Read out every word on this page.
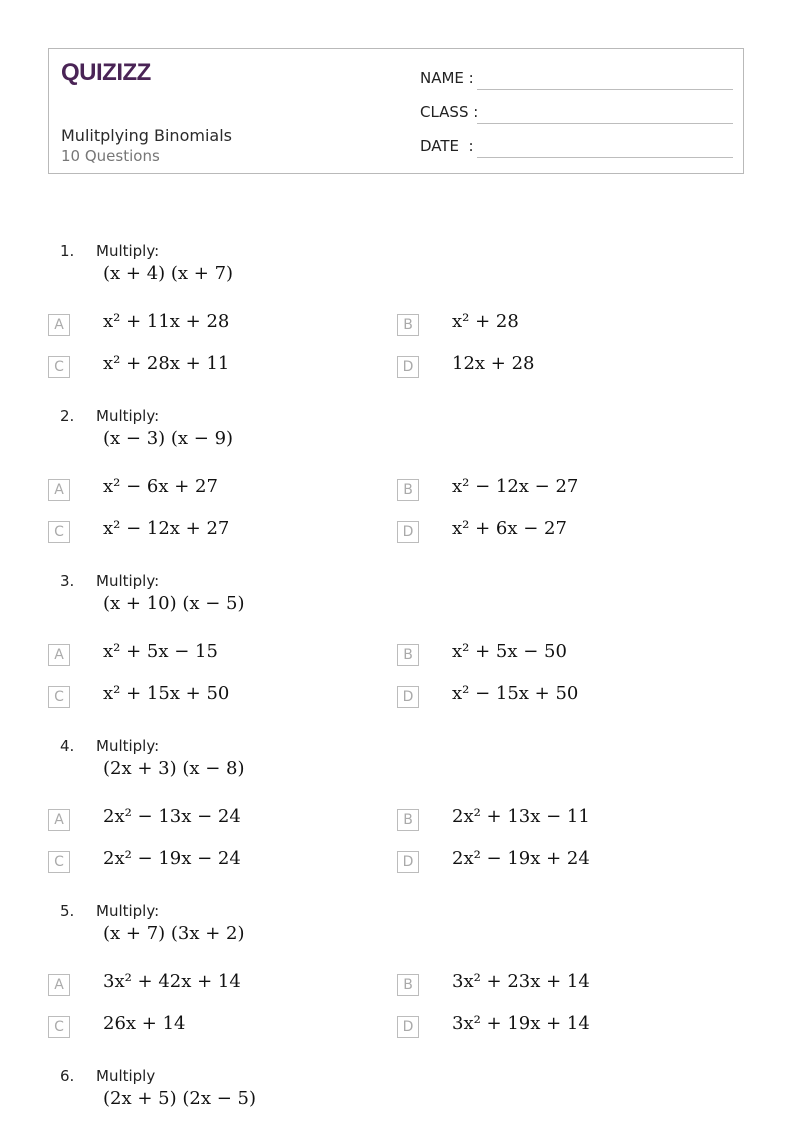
QUIZIZZ
Mulitplying Binomials
10 Questions
NAME :
CLASS :
DATE  :
1. Multiply:
(x + 4) (x + 7)
A	x² + 11x + 28	B	x² + 28
C	x² + 28x + 11	D	12x + 28
2. Multiply:
(x − 3) (x − 9)
A	x² − 6x + 27	B	x² − 12x − 27
C	x² − 12x + 27	D	x² + 6x − 27
3. Multiply:
(x + 10) (x − 5)
A	x² + 5x − 15	B	x² + 5x − 50
C	x² + 15x + 50	D	x² − 15x + 50
4. Multiply:
(2x + 3) (x − 8)
A	2x² − 13x − 24	B	2x² + 13x − 11
C	2x² − 19x − 24	D	2x² − 19x + 24
5. Multiply:
(x + 7) (3x + 2)
A	3x² + 42x + 14	B	3x² + 23x + 14
C	26x + 14	D	3x² + 19x + 14
6. Multiply
(2x + 5) (2x − 5)
